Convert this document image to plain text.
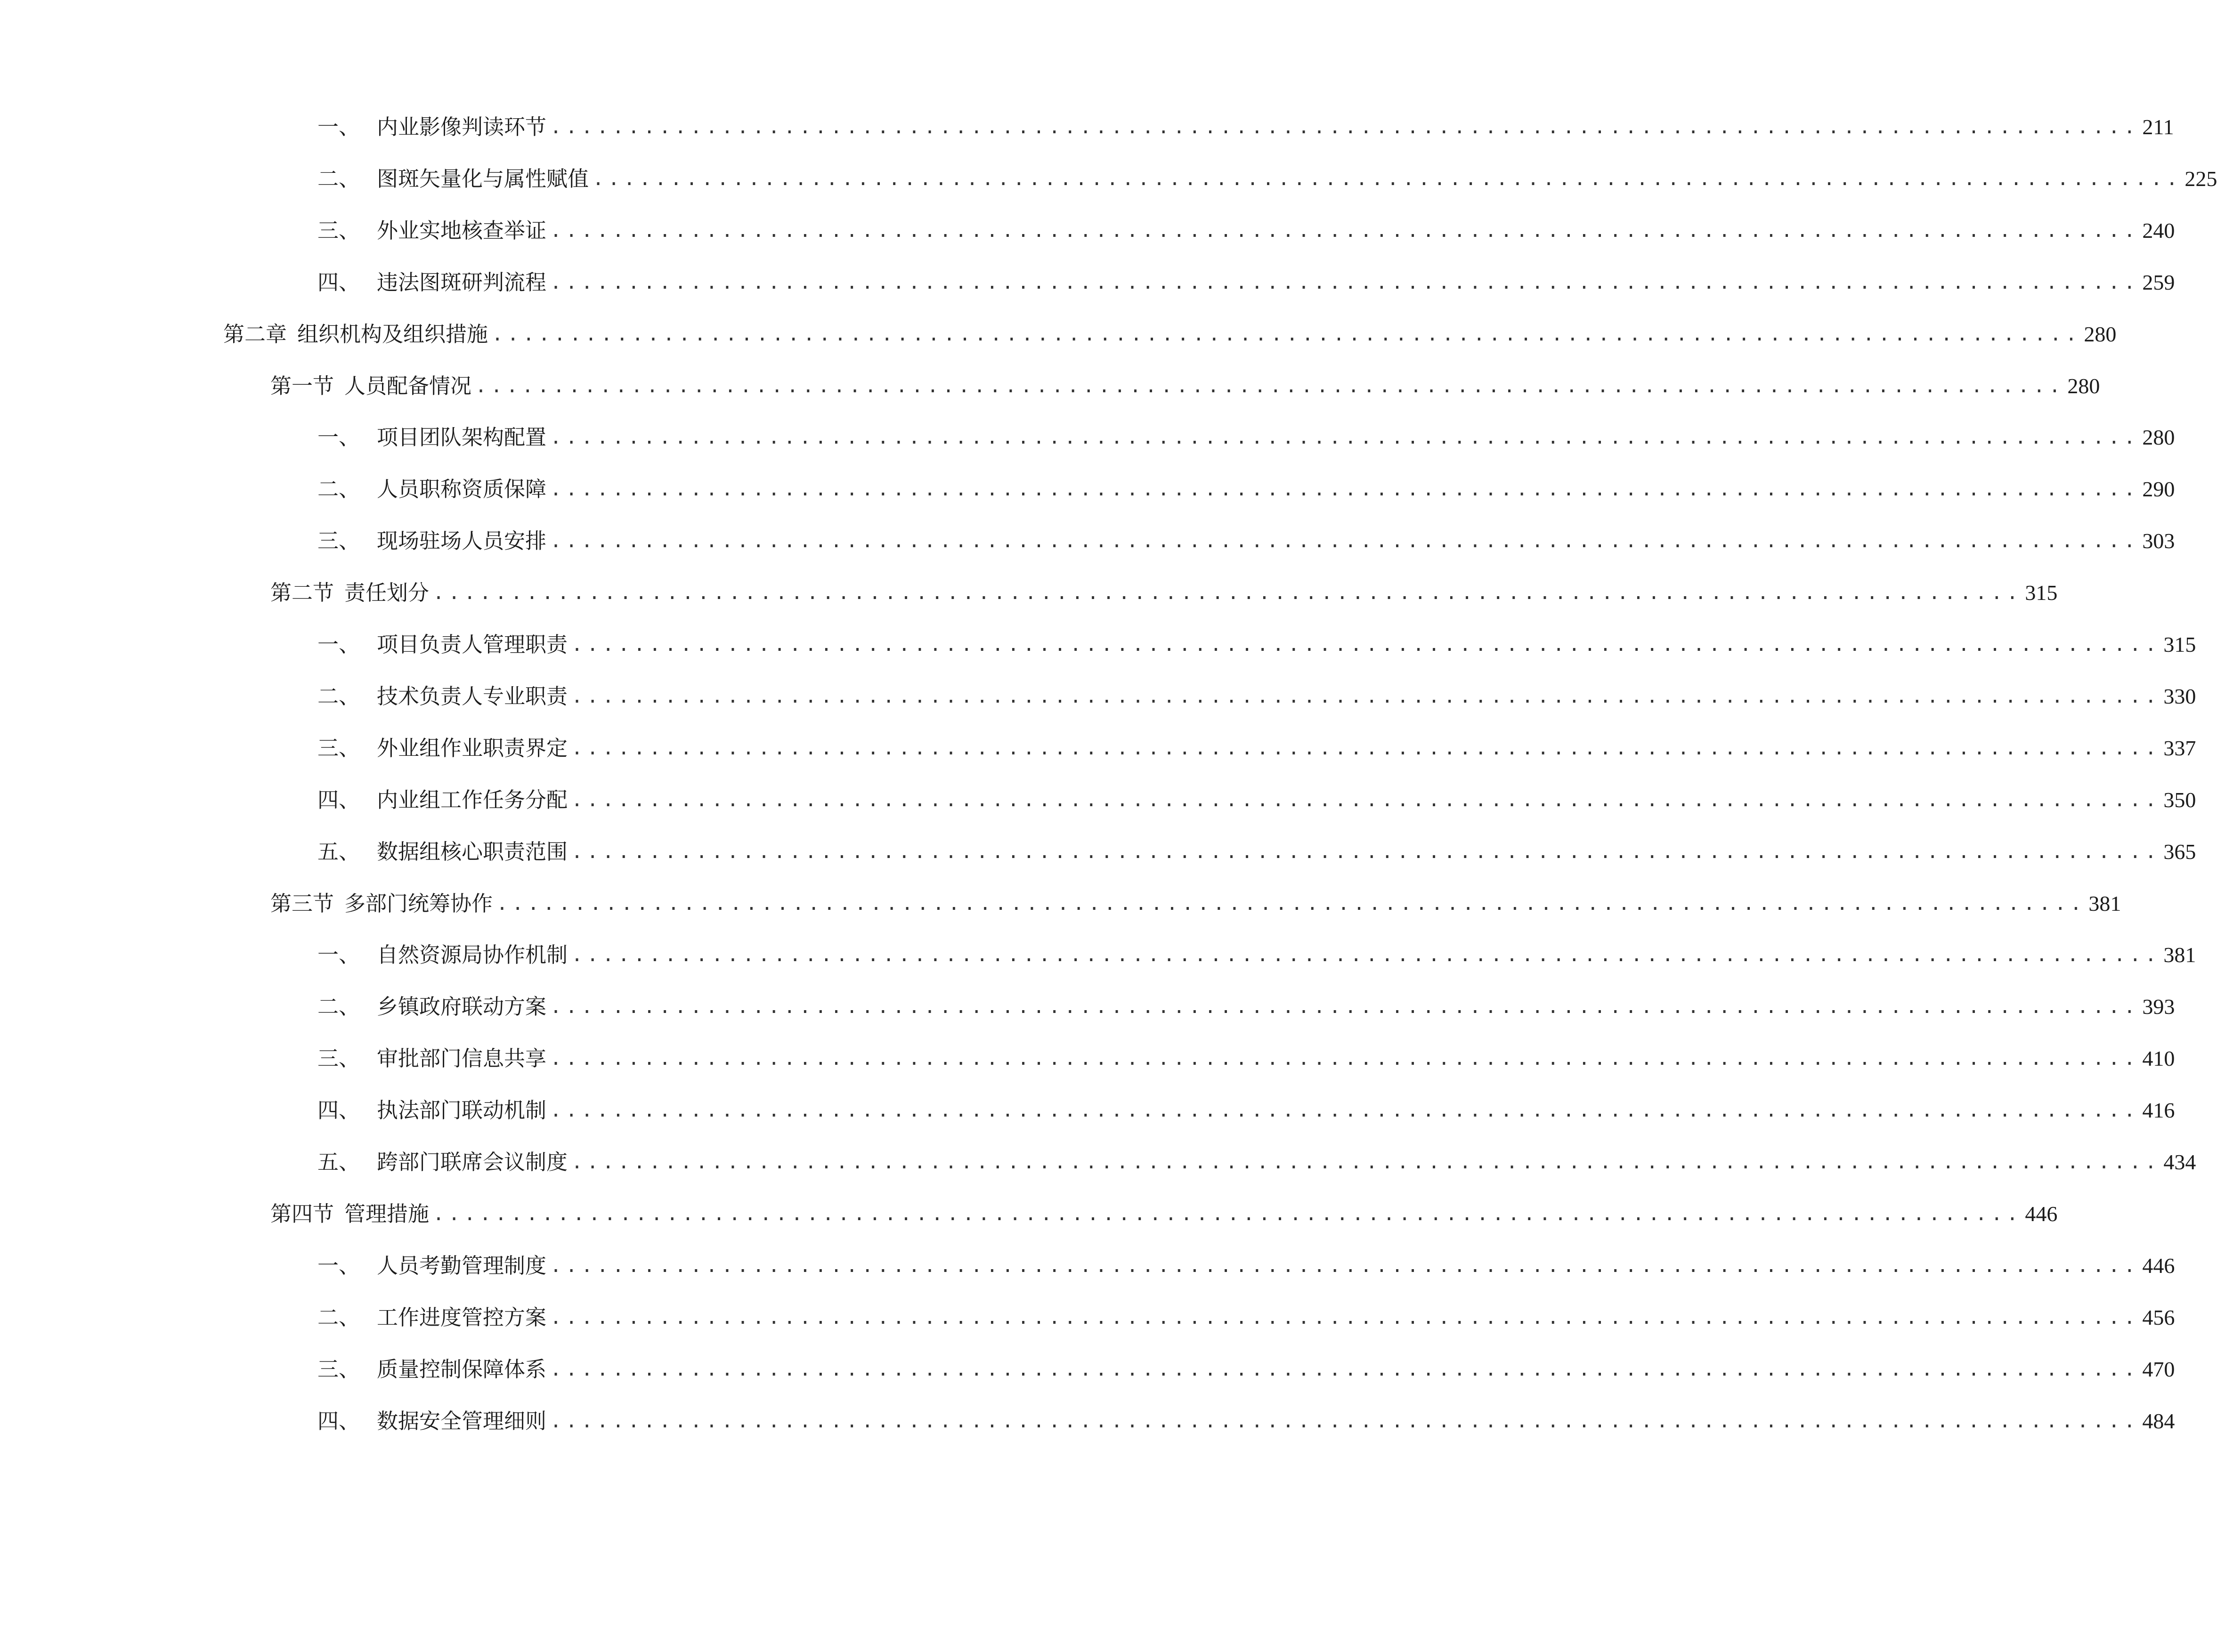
一、 内业影像判读环节 ...................................................................................................... 211
二、 图斑矢量化与属性赋值 ...................................................................................................... 225
三、 外业实地核查举证 ...................................................................................................... 240
四、 违法图斑研判流程 ...................................................................................................... 259
第二章 组织机构及组织措施 ...................................................................................................... 280
第一节 人员配备情况 ...................................................................................................... 280
一、 项目团队架构配置 ...................................................................................................... 280
二、 人员职称资质保障 ...................................................................................................... 290
三、 现场驻场人员安排 ...................................................................................................... 303
第二节 责任划分 ...................................................................................................... 315
一、 项目负责人管理职责 ...................................................................................................... 315
二、 技术负责人专业职责 ...................................................................................................... 330
三、 外业组作业职责界定 ...................................................................................................... 337
四、 内业组工作任务分配 ...................................................................................................... 350
五、 数据组核心职责范围 ...................................................................................................... 365
第三节 多部门统筹协作 ...................................................................................................... 381
一、 自然资源局协作机制 ...................................................................................................... 381
二、 乡镇政府联动方案 ...................................................................................................... 393
三、 审批部门信息共享 ...................................................................................................... 410
四、 执法部门联动机制 ...................................................................................................... 416
五、 跨部门联席会议制度 ...................................................................................................... 434
第四节 管理措施 ...................................................................................................... 446
一、 人员考勤管理制度 ...................................................................................................... 446
二、 工作进度管控方案 ...................................................................................................... 456
三、 质量控制保障体系 ...................................................................................................... 470
四、 数据安全管理细则 ...................................................................................................... 484
